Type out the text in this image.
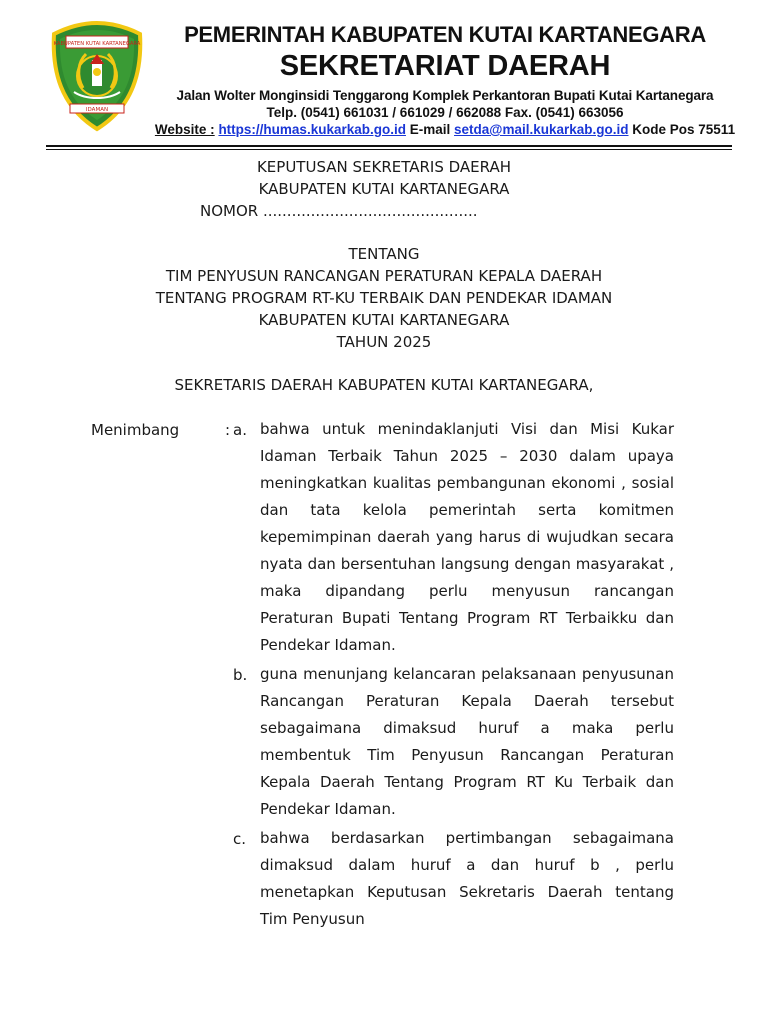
KABUPATEN KUTAI KARTANEGARA
IDAMAN
PEMERINTAH KABUPATEN KUTAI KARTANEGARA
SEKRETARIAT DAERAH
Jalan Wolter Monginsidi Tenggarong Komplek Perkantoran Bupati Kutai Kartanegara
Telp. (0541) 661031 / 661029 / 662088 Fax. (0541) 663056
Website : https://humas.kukarkab.go.id E-mail setda@mail.kukarkab.go.id Kode Pos 75511
KEPUTUSAN SEKRETARIS DAERAH
KABUPATEN KUTAI KARTANEGARA
NOMOR .............................................
TENTANG
TIM PENYUSUN RANCANGAN PERATURAN KEPALA DAERAH
TENTANG PROGRAM RT-KU TERBAIK DAN PENDEKAR IDAMAN
KABUPATEN KUTAI KARTANEGARA
TAHUN 2025
SEKRETARIS DAERAH KABUPATEN KUTAI KARTANEGARA,
Menimbang	: a. bahwa untuk menindaklanjuti Visi dan Misi Kukar Idaman Terbaik Tahun 2025 – 2030 dalam upaya meningkatkan kualitas pembangunan ekonomi , sosial dan tata kelola pemerintah serta komitmen kepemimpinan daerah yang harus di wujudkan secara nyata dan bersentuhan langsung dengan masyarakat , maka dipandang perlu menyusun rancangan Peraturan Bupati Tentang Program RT Terbaikku dan Pendekar Idaman.

b. guna menunjang kelancaran pelaksanaan penyusunan Rancangan Peraturan Kepala Daerah tersebut sebagaimana dimaksud huruf a maka perlu membentuk Tim Penyusun Rancangan Peraturan Kepala Daerah Tentang Program RT Ku Terbaik dan Pendekar Idaman.

c. bahwa berdasarkan pertimbangan sebagaimana dimaksud dalam huruf a dan huruf b , perlu menetapkan Keputusan Sekretaris Daerah tentang Tim Penyusun
